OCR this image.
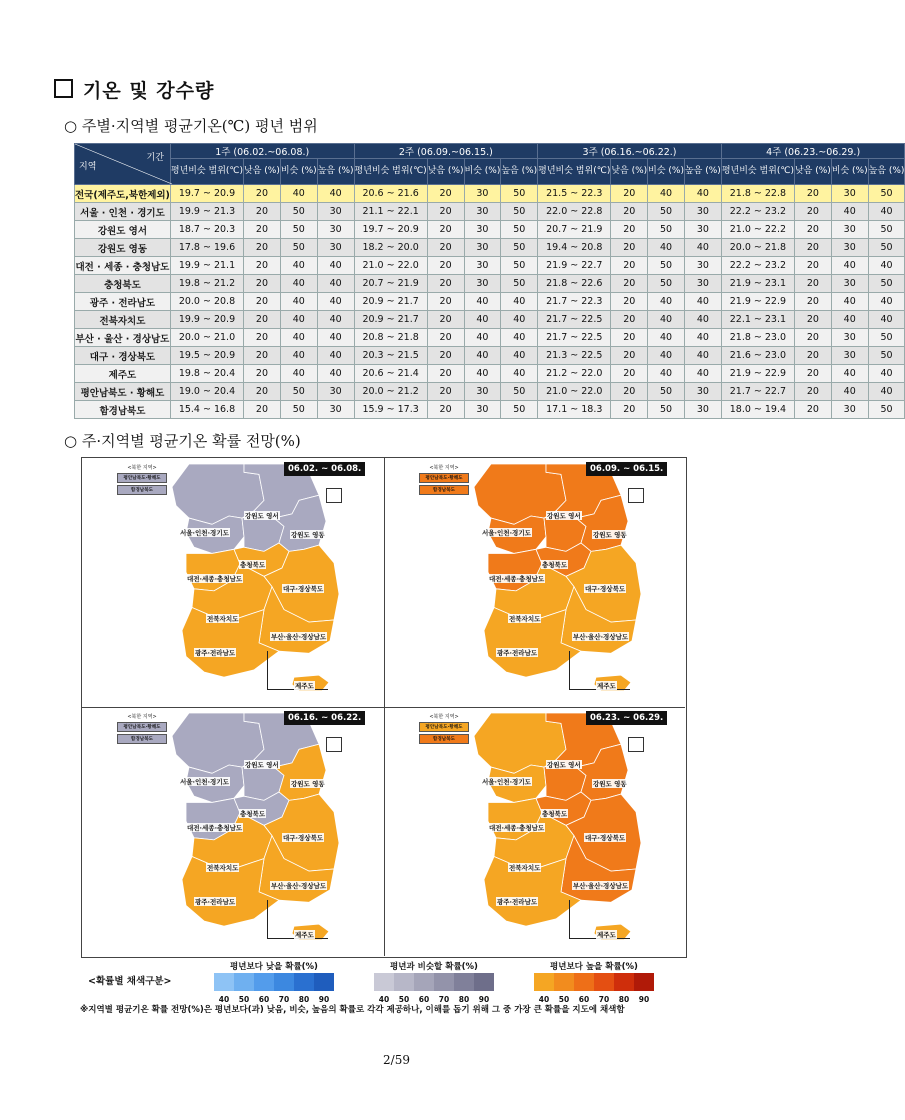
기온 및 강수량
○ 주별·지역별 평균기온(℃) 평년 범위
지역
기간	1주 (06.02.~06.08.)				2주 (06.09.~06.15.)				3주 (06.16.~06.22.)				4주 (06.23.~06.29.)			
	평년비슷 범위(℃)	낮음 (%)	비슷 (%)	높음 (%)	평년비슷 범위(℃)	낮음 (%)	비슷 (%)	높음 (%)	평년비슷 범위(℃)	낮음 (%)	비슷 (%)	높음 (%)	평년비슷 범위(℃)	낮음 (%)	비슷 (%)	높음 (%)
전국(제주도,북한제외)	19.7 ~ 20.9	20	40	40	20.6 ~ 21.6	20	30	50	21.5 ~ 22.3	20	40	40	21.8 ~ 22.8	20	30	50
서울 · 인천 · 경기도	19.9 ~ 21.3	20	50	30	21.1 ~ 22.1	20	30	50	22.0 ~ 22.8	20	50	30	22.2 ~ 23.2	20	40	40
강원도 영서	18.7 ~ 20.3	20	50	30	19.7 ~ 20.9	20	30	50	20.7 ~ 21.9	20	50	30	21.0 ~ 22.2	20	30	50
강원도 영동	17.8 ~ 19.6	20	50	30	18.2 ~ 20.0	20	30	50	19.4 ~ 20.8	20	40	40	20.0 ~ 21.8	20	30	50
대전 · 세종 · 충청남도	19.9 ~ 21.1	20	40	40	21.0 ~ 22.0	20	30	50	21.9 ~ 22.7	20	50	30	22.2 ~ 23.2	20	40	40
충청북도	19.8 ~ 21.2	20	40	40	20.7 ~ 21.9	20	30	50	21.8 ~ 22.6	20	50	30	21.9 ~ 23.1	20	30	50
광주 · 전라남도	20.0 ~ 20.8	20	40	40	20.9 ~ 21.7	20	40	40	21.7 ~ 22.3	20	40	40	21.9 ~ 22.9	20	40	40
전북자치도	19.9 ~ 20.9	20	40	40	20.9 ~ 21.7	20	40	40	21.7 ~ 22.5	20	40	40	22.1 ~ 23.1	20	40	40
부산 · 울산 · 경상남도	20.0 ~ 21.0	20	40	40	20.8 ~ 21.8	20	40	40	21.7 ~ 22.5	20	40	40	21.8 ~ 23.0	20	30	50
대구 · 경상북도	19.5 ~ 20.9	20	40	40	20.3 ~ 21.5	20	40	40	21.3 ~ 22.5	20	40	40	21.6 ~ 23.0	20	30	50
제주도	19.8 ~ 20.4	20	40	40	20.6 ~ 21.4	20	40	40	21.2 ~ 22.0	20	40	40	21.9 ~ 22.9	20	40	40
평안남북도 · 황해도	19.0 ~ 20.4	20	50	30	20.0 ~ 21.2	20	30	50	21.0 ~ 22.0	20	50	30	21.7 ~ 22.7	20	40	40
함경남북도	15.4 ~ 16.8	20	50	30	15.9 ~ 17.3	20	30	50	17.1 ~ 18.3	20	50	30	18.0 ~ 19.4	20	30	50
○ 주·지역별 평균기온 확률 전망(%)
<북한 지역>
평안남북도·황해도
함경남북도
06.02. ~ 06.08.
강원도 영서
강원도 영동
서울·인천·경기도
충청북도
대전·세종·충청남도
대구·경상북도
전북자치도
부산·울산·경상남도
광주·전라남도
제주도
<북한 지역>
평안남북도·황해도
함경남북도
06.09. ~ 06.15.
강원도 영서
강원도 영동
서울·인천·경기도
충청북도
대전·세종·충청남도
대구·경상북도
전북자치도
부산·울산·경상남도
광주·전라남도
제주도
<북한 지역>
평안남북도·황해도
함경남북도
06.16. ~ 06.22.
강원도 영서
강원도 영동
서울·인천·경기도
충청북도
대전·세종·충청남도
대구·경상북도
전북자치도
부산·울산·경상남도
광주·전라남도
제주도
<북한 지역>
평안남북도·황해도
함경남북도
06.23. ~ 06.29.
강원도 영서
강원도 영동
서울·인천·경기도
충청북도
대전·세종·충청남도
대구·경상북도
전북자치도
부산·울산·경상남도
광주·전라남도
제주도
<확률별 채색구분>
평년보다 낮을 확률(%)
40	50	60	70	80	90
평년과 비슷할 확률(%)
40	50	60	70	80	90
평년보다 높을 확률(%)
40	50	60	70	80	90
※지역별 평균기온 확률 전망(%)은 평년보다(과) 낮음, 비슷, 높음의 확률로 각각 제공하나, 이해를 돕기 위해 그 중 가장 큰 확률을 지도에 채색함
2/59
